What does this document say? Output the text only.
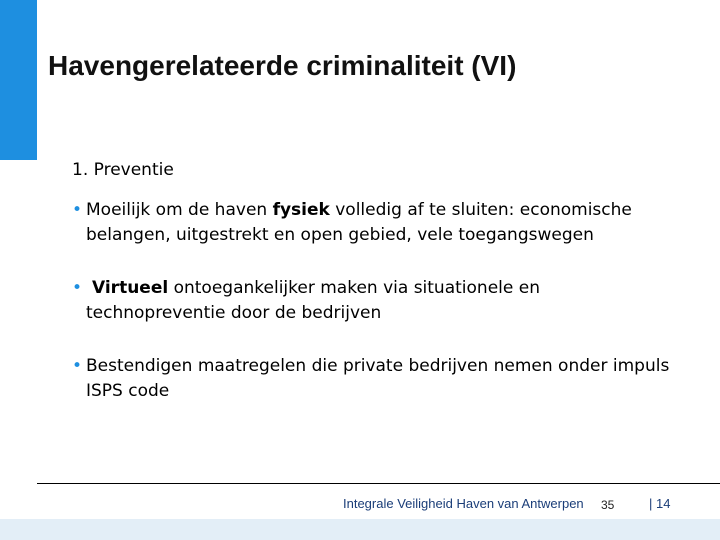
Havengerelateerde criminaliteit (VI)

1. Preventie

• Moeilijk om de haven fysiek volledig af te sluiten: economische belangen, uitgestrekt en open gebied, vele toegangswegen
• Virtueel ontoegankelijker maken via situationele en technopreventie door de bedrijven
• Bestendigen maatregelen die private bedrijven nemen onder impuls ISPS code
Integrale Veiligheid Haven van Antwerpen 35	| 14
